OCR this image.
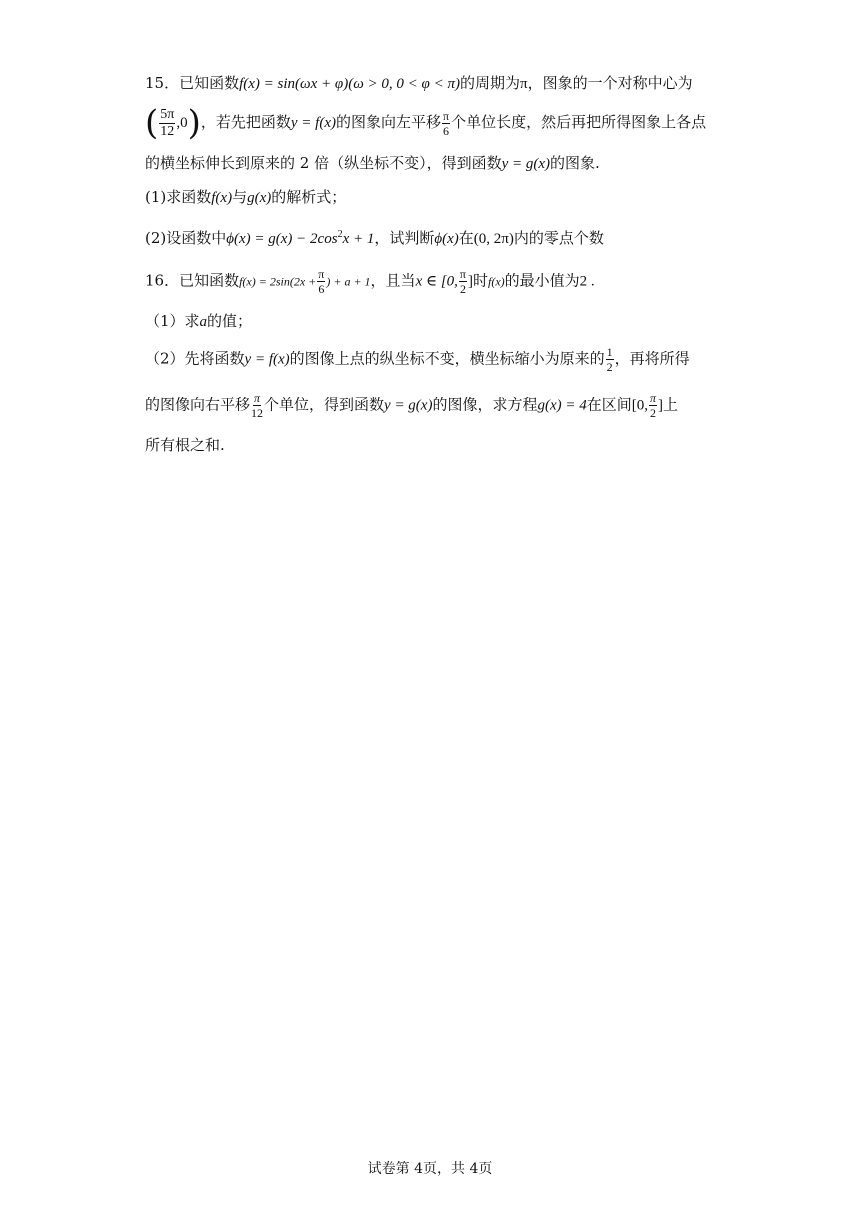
15．已知函数f(x) = sin(ωx + φ)(ω > 0, 0 < φ < π)的周期为π，图象的一个对称中心为
( $\frac{5\pi}{12} ,0$)，若先把函数y = f(x)的图象向左平移 $\frac{\pi}{6}$ 个单位长度，然后再把所得图象上各点
的横坐标伸长到原来的 2 倍（纵坐标不变），得到函数y = g(x)的图象.
(1)求函数f(x)与g(x)的解析式；
(2)设函数中$\phi(x) = g(x) - 2\cos^2x + 1$，试判断ϕ(x)在(0, 2π)内的零点个数
16．已知函数$f(x) = 2\sin(2x + \frac{\pi}{6}$ ) + a + 1，且当x ∈ [0, $\frac{\pi}{2}$ ]时f(x)的最小值为2 .
（1）求a的值；
（2）先将函数y = f(x)的图像上点的纵坐标不变，横坐标缩小为原来的 $\frac{1}{2}$ ，再将所得
的图像向右平移 $\frac{\pi}{12}$ 个单位，得到函数y = g(x)的图像，求方程g(x) = 4在区间[0, $\frac{\pi}{2}$ ]上
所有根之和.
试卷第 4页，共 4页
